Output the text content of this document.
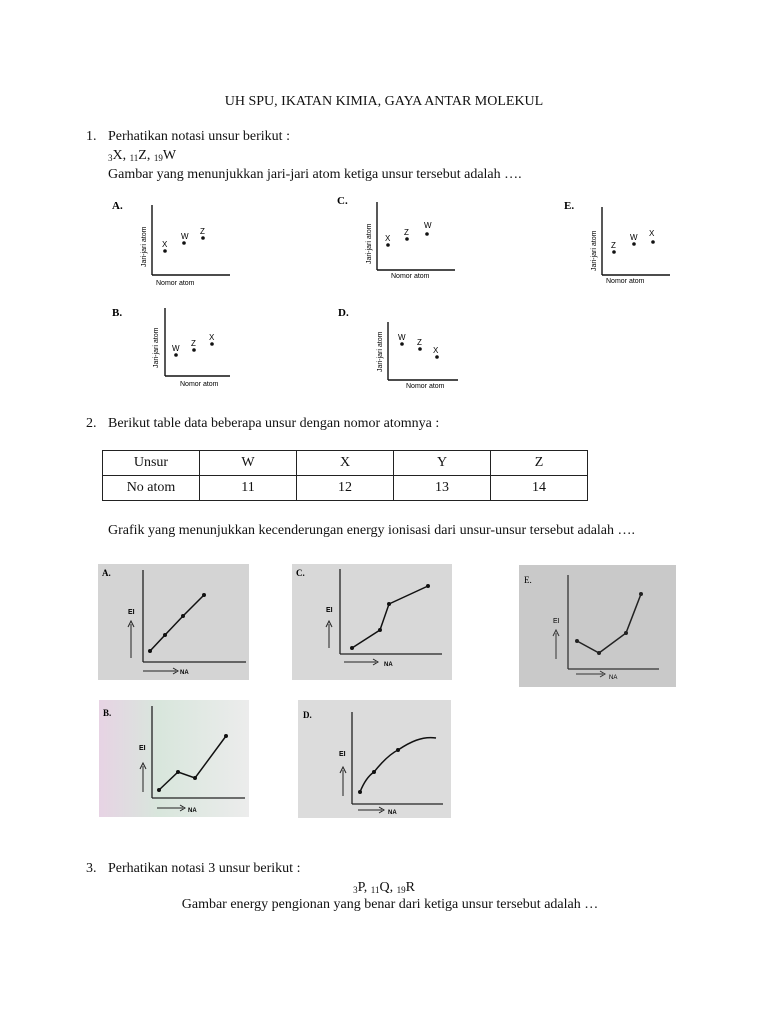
UH SPU, IKATAN KIMIA, GAYA ANTAR MOLEKUL
1. Perhatikan notasi unsur berikut :
$_3$X, $_{11}$Z, $_{19}$W
Gambar yang menunjukkan jari-jari atom ketiga unsur tersebut adalah ….
A.
Jari-jari atom
Nomor atom
X
W
Z
C.
Jari-jari atom
Nomor atom
X
Z
W
E.
Jari-jari atom
Nomor atom
Z
W X
B.
Jari-jari atom
Nomor atom
W
Z
X
D.
Jari-jari atom
Nomor atom
W
Z
X
2. Berikut table data beberapa unsur dengan nomor atomnya :
Unsur	W	X	Y	Z
No atom	11	12	13	14
Grafik yang menunjukkan kecenderungan energy ionisasi dari unsur-unsur tersebut adalah ….
A.
EI
NA
C.
EI
NA
E.
EI
NA
B.
EI
NA
D.
EI
NA
3. Perhatikan notasi 3 unsur berikut :
$_3$P, $_{11}$Q, $_{19}$R
Gambar energy pengionan yang benar dari ketiga unsur tersebut adalah …
